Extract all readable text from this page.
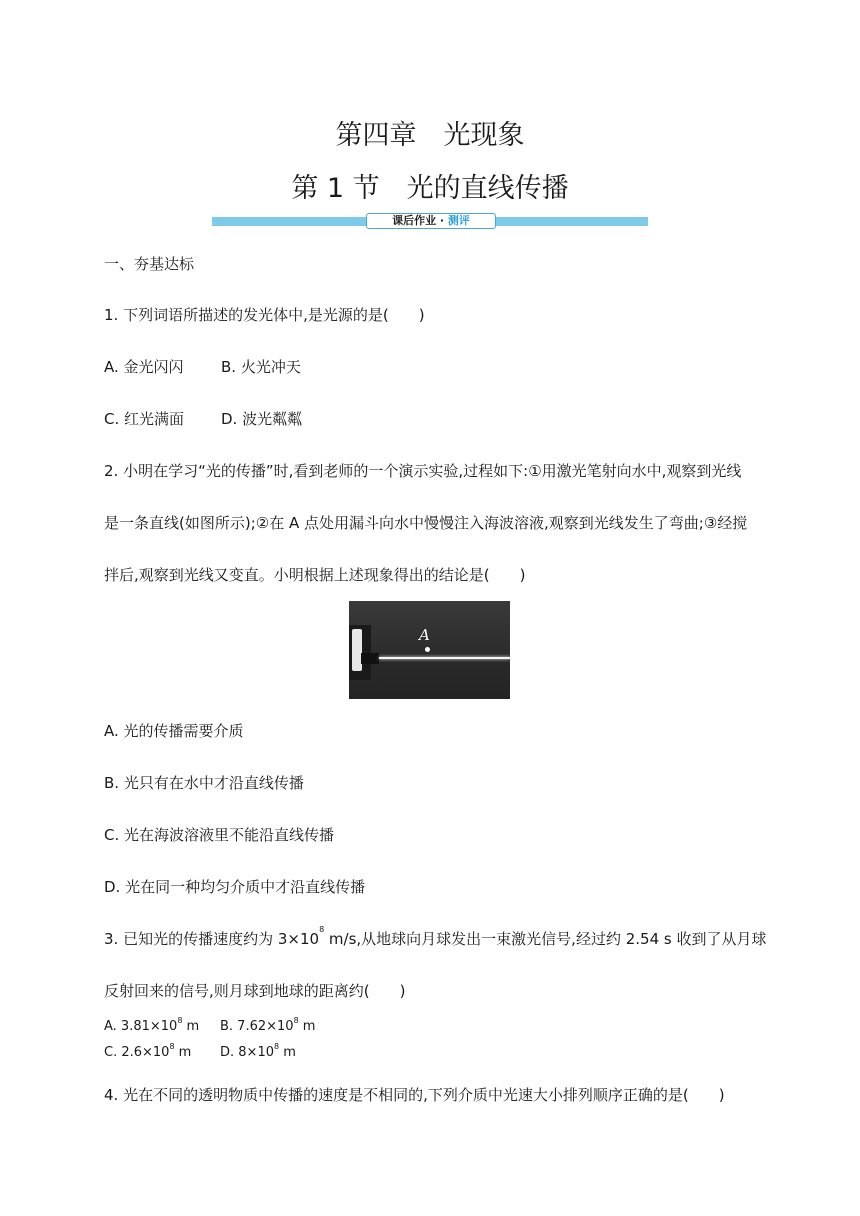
第四章　光现象
第 1 节　光的直线传播
课后作业 · 测评
一、夯基达标
1. 下列词语所描述的发光体中,是光源的是(　　)
A. 金光闪闪 B. 火光冲天
C. 红光满面 D. 波光粼粼
2. 小明在学习“光的传播”时,看到老师的一个演示实验,过程如下:①用激光笔射向水中,观察到光线
是一条直线(如图所示);②在 A 点处用漏斗向水中慢慢注入海波溶液,观察到光线发生了弯曲;③经搅
拌后,观察到光线又变直。小明根据上述现象得出的结论是(　　)
A
A. 光的传播需要介质
B. 光只有在水中才沿直线传播
C. 光在海波溶液里不能沿直线传播
D. 光在同一种均匀介质中才沿直线传播
3. 已知光的传播速度约为 $3\times 10^8$ m/s,从地球向月球发出一束激光信号,经过约 2.54 s 收到了从月球
反射回来的信号,则月球到地球的距离约(　　)
A. $3.81\times 10^8$ m B. $7.62\times 10^8$ m
C. $2.6\times 10^8$ m D. $8\times 10^8$ m
4. 光在不同的透明物质中传播的速度是不相同的,下列介质中光速大小排列顺序正确的是(　　)
